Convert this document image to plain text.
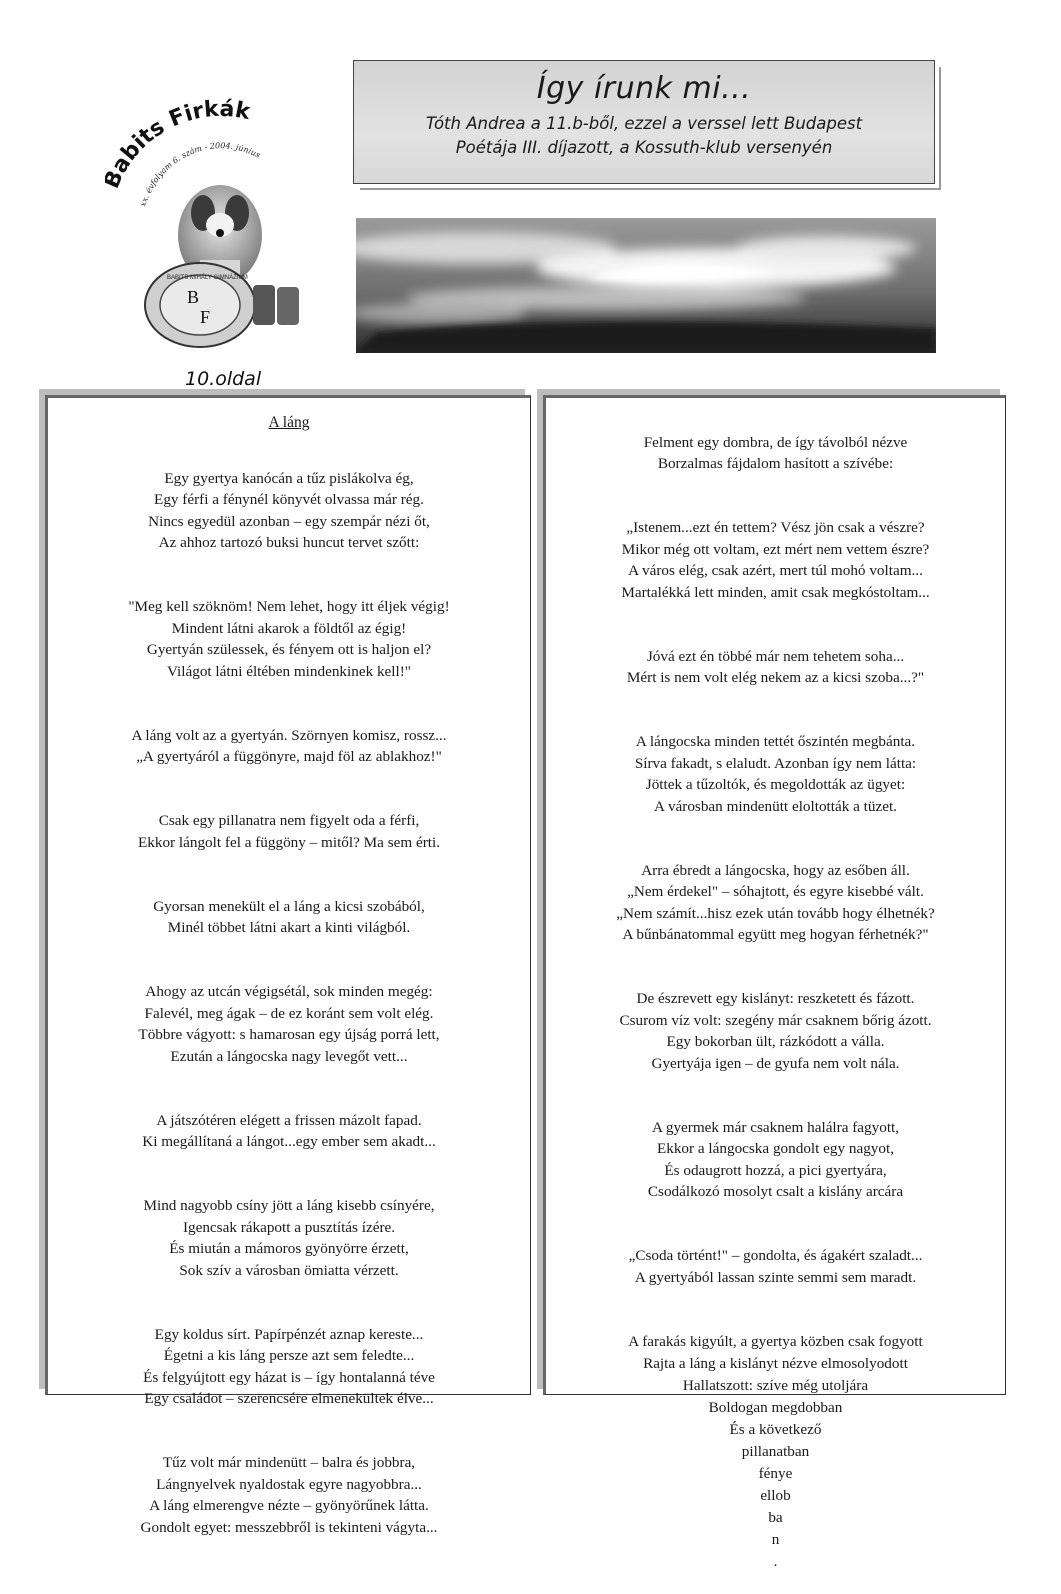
abits Firkák
xx. évfolyam 6. szám - 2004. június
B
F
BABITS MIHÁLY GIMNÁZIUM
10.oldal
Így írunk mi...
Tóth Andrea a 11.b-ből, ezzel a verssel lett Budapest
Poétája III. díjazott, a Kossuth-klub versenyén
A láng

Egy gyertya kanócán a tűz pislákolva ég,
Egy férfi a fénynél könyvét olvassa már rég.
Nincs egyedül azonban – egy szempár nézi őt,
Az ahhoz tartozó buksi huncut tervet szőtt:

"Meg kell szöknöm! Nem lehet, hogy itt éljek végig!
Mindent látni akarok a földtől az égig!
Gyertyán szülessek, és fényem ott is haljon el?
Világot látni éltében mindenkinek kell!"

A láng volt az a gyertyán. Szörnyen komisz, rossz...
„A gyertyáról a függönyre, majd föl az ablakhoz!"

Csak egy pillanatra nem figyelt oda a férfi,
Ekkor lángolt fel a függöny – mitől? Ma sem érti.

Gyorsan menekült el a láng a kicsi szobából,
Minél többet látni akart a kinti világból.

Ahogy az utcán végigsétál, sok minden megég:
Falevél, meg ágak – de ez koránt sem volt elég.
Többre vágyott: s hamarosan egy újság porrá lett,
Ezután a lángocska nagy levegőt vett...

A játszótéren elégett a frissen mázolt fapad.
Ki megállítaná a lángot...egy ember sem akadt...

Mind nagyobb csíny jött a láng kisebb csínyére,
Igencsak rákapott a pusztítás ízére.
És miután a mámoros gyönyörre érzett,
Sok szív a városban ömiatta vérzett.

Egy koldus sírt. Papírpénzét aznap kereste...
Égetni a kis láng persze azt sem feledte...
És felgyújtott egy házat is – így hontalanná téve
Egy családot – szerencsére elmenekültek élve...

Tűz volt már mindenütt – balra és jobbra,
Lángnyelvek nyaldostak egyre nagyobbra...
A láng elmerengve nézte – gyönyörűnek látta.
Gondolt egyet: messzebbről is tekinteni vágyta...

Felment egy dombra, de így távolból nézve
Borzalmas fájdalom hasított a szívébe:

„Istenem...ezt én tettem? Vész jön csak a vészre?
Mikor még ott voltam, ezt mért nem vettem észre?
A város elég, csak azért, mert túl mohó voltam...
Martalékká lett minden, amit csak megkóstoltam...

Jóvá ezt én többé már nem tehetem soha...
Mért is nem volt elég nekem az a kicsi szoba...?"

A lángocska minden tettét őszintén megbánta.
Sírva fakadt, s elaludt. Azonban így nem látta:
Jöttek a tűzoltók, és megoldották az ügyet:
A városban mindenütt eloltották a tüzet.

Arra ébredt a lángocska, hogy az esőben áll.
„Nem érdekel" – sóhajtott, és egyre kisebbé vált.
„Nem számít...hisz ezek után tovább hogy élhetnék?
A bűnbánatommal együtt meg hogyan férhetnék?"

De észrevett egy kislányt: reszketett és fázott.
Csurom víz volt: szegény már csaknem bőrig ázott.
Egy bokorban ült, rázkódott a válla.
Gyertyája igen – de gyufa nem volt nála.

A gyermek már csaknem halálra fagyott,
Ekkor a lángocska gondolt egy nagyot,
És odaugrott hozzá, a pici gyertyára,
Csodálkozó mosolyt csalt a kislány arcára

„Csoda történt!" – gondolta, és ágakért szaladt...
A gyertyából lassan szinte semmi sem maradt.

A farakás kigyúlt, a gyertya közben csak fogyott
Rajta a láng a kislányt nézve elmosolyodott
Hallatszott: szíve még utoljára
Boldogan megdobban
És a következő
pillanatban
fénye
ellob
ba
n
.
